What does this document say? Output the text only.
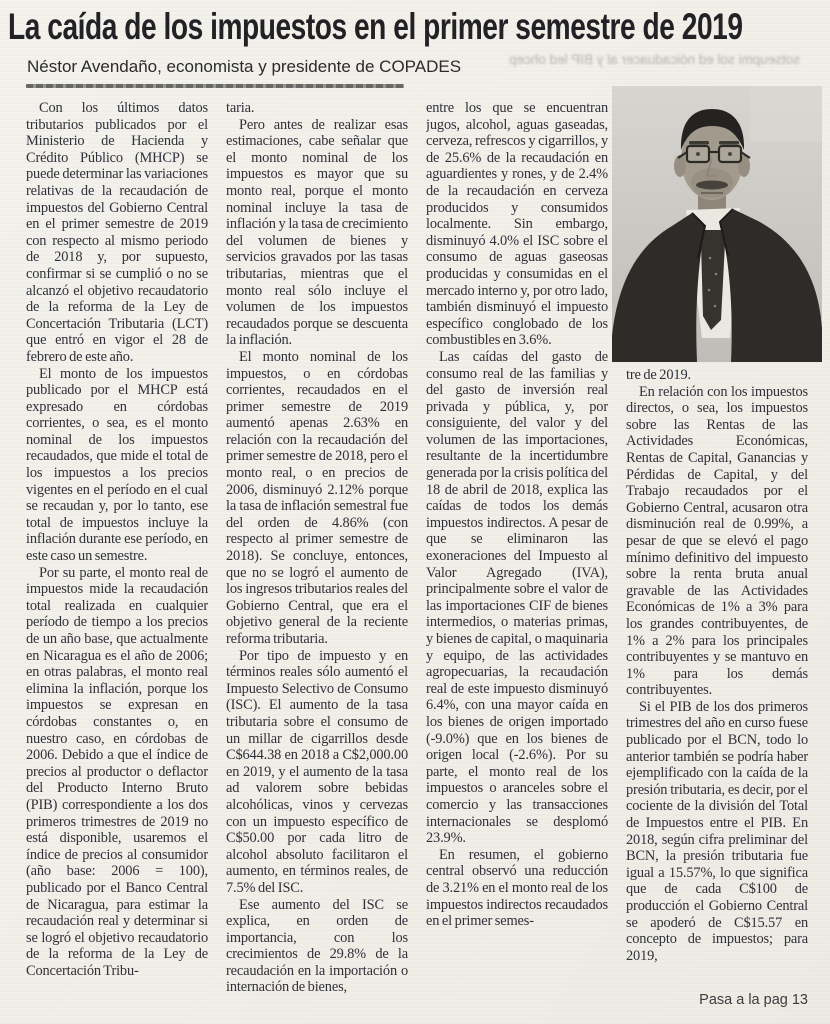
La caída de los impuestos en el primer semestre de 2019
Néstor Avendaño, economista y presidente de COPADES	sotseupmi sol ed nóicaduacer al y BIP led ohcep

Con los últimos datos tributarios publicados por el Ministerio de Hacienda y Crédito Público (MHCP) se puede determinar las variaciones relativas de la recaudación de impuestos del Gobierno Central en el primer semestre de 2019 con respecto al mismo periodo de 2018 y, por supuesto, confirmar si se cumplió o no se alcanzó el objetivo recaudatorio de la reforma de la Ley de Concertación Tributaria (LCT) que entró en vigor el 28 de febrero de este año.

El monto de los impuestos publicado por el MHCP está expresado en córdobas corrientes, o sea, es el monto nominal de los impuestos recaudados, que mide el total de los impuestos a los precios vigentes en el período en el cual se recaudan y, por lo tanto, ese total de impuestos incluye la inflación durante ese período, en este caso un semestre.

Por su parte, el monto real de impuestos mide la recaudación total realizada en cualquier período de tiempo a los precios de un año base, que actualmente en Nicaragua es el año de 2006; en otras palabras, el monto real elimina la inflación, porque los impuestos se expresan en córdobas constantes o, en nuestro caso, en córdobas de 2006. Debido a que el índice de precios al productor o deflactor del Producto Interno Bruto (PIB) correspondiente a los dos primeros trimestres de 2019 no está disponible, usaremos el índice de precios al consumidor (año base: 2006 = 100), publicado por el Banco Central de Nicaragua, para estimar la recaudación real y determinar si se logró el objetivo recaudatorio de la reforma de la Ley de Concertación Tribu-

taria.

Pero antes de realizar esas estimaciones, cabe señalar que el monto nominal de los impuestos es mayor que su monto real, porque el monto nominal incluye la tasa de inflación y la tasa de crecimiento del volumen de bienes y servicios gravados por las tasas tributarias, mientras que el monto real sólo incluye el volumen de los impuestos recaudados porque se descuenta la inflación.

El monto nominal de los impuestos, o en córdobas corrientes, recaudados en el primer semestre de 2019 aumentó apenas 2.63% en relación con la recaudación del primer semestre de 2018, pero el monto real, o en precios de 2006, disminuyó 2.12% porque la tasa de inflación semestral fue del orden de 4.86% (con respecto al primer semestre de 2018). Se concluye, entonces, que no se logró el aumento de los ingresos tributarios reales del Gobierno Central, que era el objetivo general de la reciente reforma tributaria.

Por tipo de impuesto y en términos reales sólo aumentó el Impuesto Selectivo de Consumo (ISC). El aumento de la tasa tributaria sobre el consumo de un millar de cigarrillos desde C$644.38 en 2018 a C$2,000.00 en 2019, y el aumento de la tasa ad valorem sobre bebidas alcohólicas, vinos y cervezas con un impuesto específico de C$50.00 por cada litro de alcohol absoluto facilitaron el aumento, en términos reales, de 7.5% del ISC.

Ese aumento del ISC se explica, en orden de importancia, con los crecimientos de 29.8% de la recaudación en la importación o internación de bienes,

entre los que se encuentran jugos, alcohol, aguas gaseadas, cerveza, refrescos y cigarrillos, y de 25.6% de la recaudación en aguardientes y rones, y de 2.4% de la recaudación en cerveza producidos y consumidos localmente. Sin embargo, disminuyó 4.0% el ISC sobre el consumo de aguas gaseosas producidas y consumidas en el mercado interno y, por otro lado, también disminuyó el impuesto específico conglobado de los combustibles en 3.6%.

Las caídas del gasto de consumo real de las familias y del gasto de inversión real privada y pública, y, por consiguiente, del valor y del volumen de las importaciones, resultante de la incertidumbre generada por la crisis política del 18 de abril de 2018, explica las caídas de todos los demás impuestos indirectos. A pesar de que se eliminaron las exoneraciones del Impuesto al Valor Agregado (IVA), principalmente sobre el valor de las importaciones CIF de bienes intermedios, o materias primas, y bienes de capital, o maquinaria y equipo, de las actividades agropecuarias, la recaudación real de este impuesto disminuyó 6.4%, con una mayor caída en los bienes de origen importado (-9.0%) que en los bienes de origen local (-2.6%). Por su parte, el monto real de los impuestos o aranceles sobre el comercio y las transacciones internacionales se desplomó 23.9%.

En resumen, el gobierno central observó una reducción de 3.21% en el monto real de los impuestos indirectos recaudados en el primer semes-

tre de 2019.

En relación con los impuestos directos, o sea, los impuestos sobre las Rentas de las Actividades Económicas, Rentas de Capital, Ganancias y Pérdidas de Capital, y del Trabajo recaudados por el Gobierno Central, acusaron otra disminución real de 0.99%, a pesar de que se elevó el pago mínimo definitivo del impuesto sobre la renta bruta anual gravable de las Actividades Económicas de 1% a 3% para los grandes contribuyentes, de 1% a 2% para los principales contribuyentes y se mantuvo en 1% para los demás contribuyentes.

Si el PIB de los dos primeros trimestres del año en curso fuese publicado por el BCN, todo lo anterior también se podría haber ejemplificado con la caída de la presión tributaria, es decir, por el cociente de la división del Total de Impuestos entre el PIB. En 2018, según cifra preliminar del BCN, la presión tributaria fue igual a 15.57%, lo que significa que de cada C$100 de producción el Gobierno Central se apoderó de C$15.57 en concepto de impuestos; para 2019,

Pasa a la pag 13
